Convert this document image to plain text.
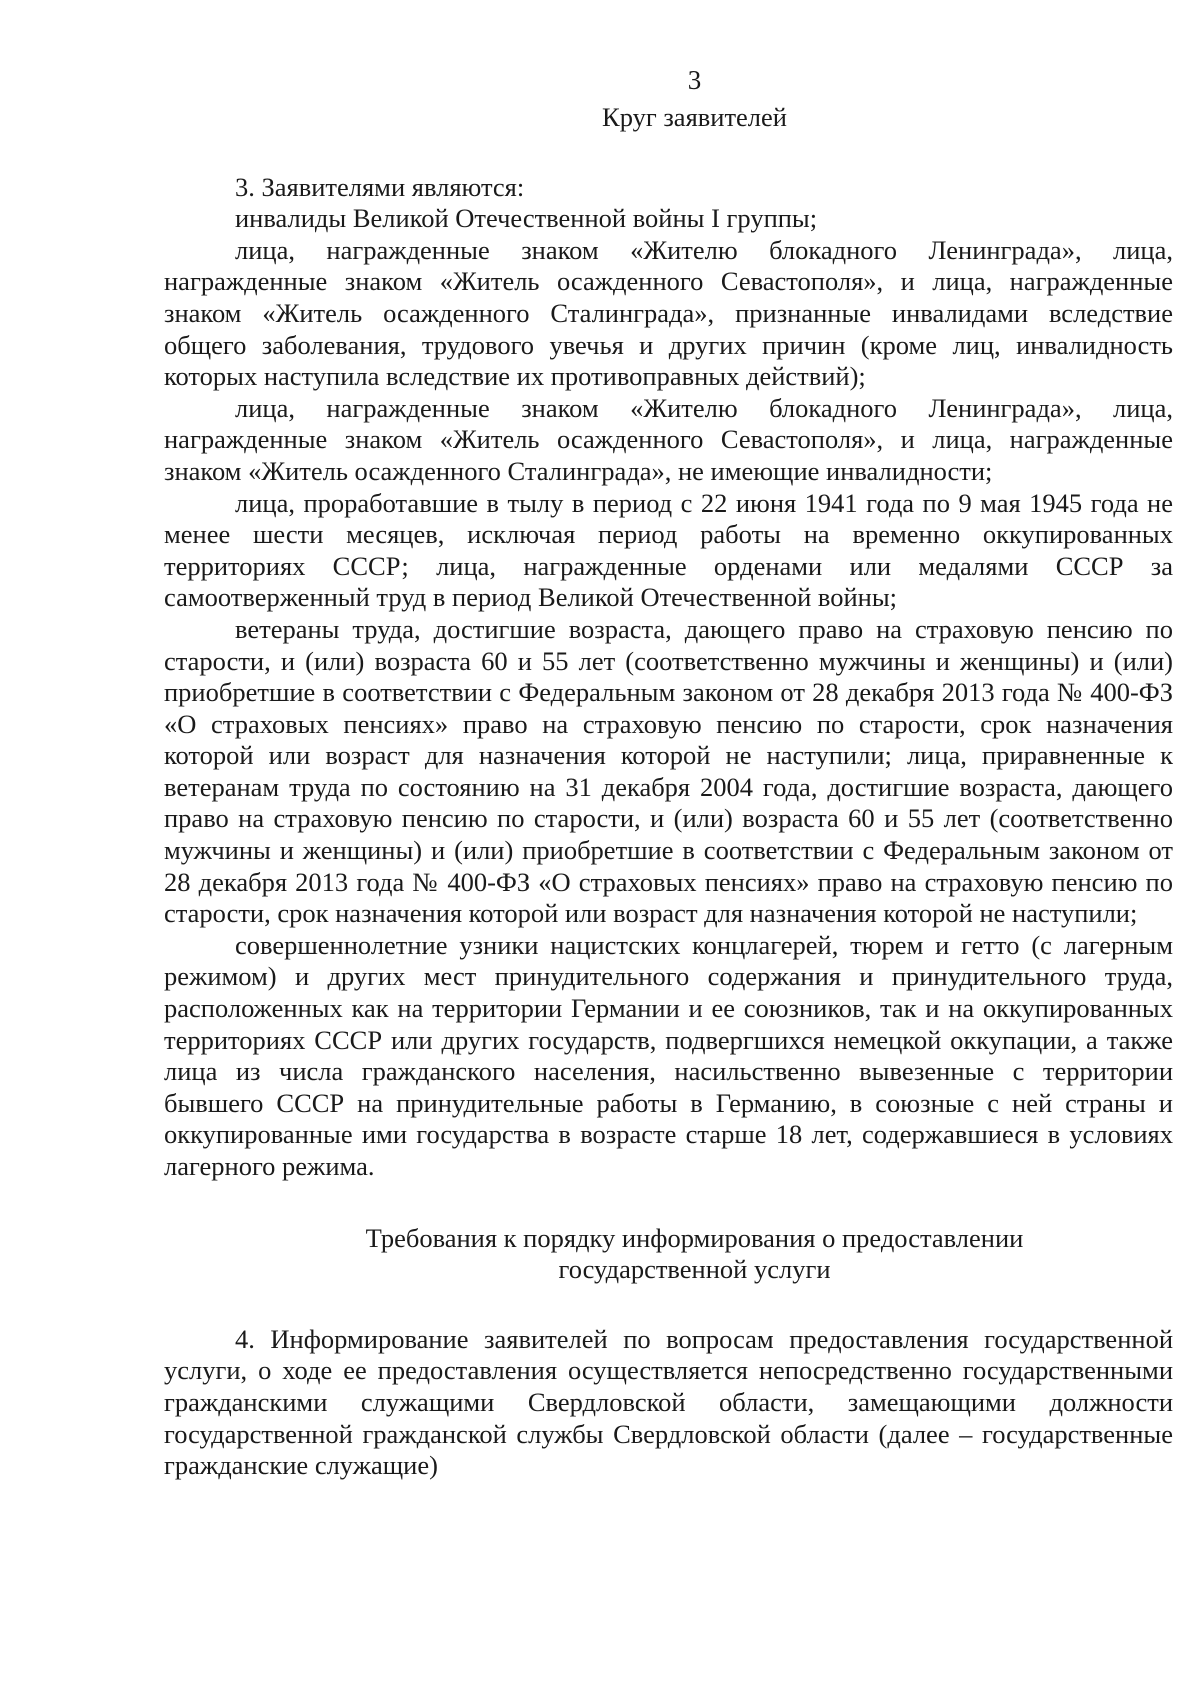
3
Круг заявителей

3. Заявителями являются:

инвалиды Великой Отечественной войны I группы;

лица, награжденные знаком «Жителю блокадного Ленинграда», лица, награжденные знаком «Житель осажденного Севастополя», и лица, награжденные знаком «Житель осажденного Сталинграда», признанные инвалидами вследствие общего заболевания, трудового увечья и других причин (кроме лиц, инвалидность которых наступила вследствие их противоправных действий);

лица, награжденные знаком «Жителю блокадного Ленинграда», лица, награжденные знаком «Житель осажденного Севастополя», и лица, награжденные знаком «Житель осажденного Сталинграда», не имеющие инвалидности;

лица, проработавшие в тылу в период с 22 июня 1941 года по 9 мая 1945 года не менее шести месяцев, исключая период работы на временно оккупированных территориях СССР; лица, награжденные орденами или медалями СССР за самоотверженный труд в период Великой Отечественной войны;

ветераны труда, достигшие возраста, дающего право на страховую пенсию по старости, и (или) возраста 60 и 55 лет (соответственно мужчины и женщины) и (или) приобретшие в соответствии с Федеральным законом от 28 декабря 2013 года № 400-ФЗ «О страховых пенсиях» право на страховую пенсию по старости, срок назначения которой или возраст для назначения которой не наступили; лица, приравненные к ветеранам труда по состоянию на 31 декабря 2004 года, достигшие возраста, дающего право на страховую пенсию по старости, и (или) возраста 60 и 55 лет (соответственно мужчины и женщины) и (или) приобретшие в соответствии с Федеральным законом от 28 декабря 2013 года № 400-ФЗ «О страховых пенсиях» право на страховую пенсию по старости, срок назначения которой или возраст для назначения которой не наступили;

совершеннолетние узники нацистских концлагерей, тюрем и гетто (с лагерным режимом) и других мест принудительного содержания и принудительного труда, расположенных как на территории Германии и ее союзников, так и на оккупированных территориях СССР или других государств, подвергшихся немецкой оккупации, а также лица из числа гражданского населения, насильственно вывезенные с территории бывшего СССР на принудительные работы в Германию, в союзные с ней страны и оккупированные ими государства в возрасте старше 18 лет, содержавшиеся в условиях лагерного режима.

Требования к порядку информирования о предоставлении
государственной услуги

4. Информирование заявителей по вопросам предоставления государственной услуги, о ходе ее предоставления осуществляется непосредственно государственными гражданскими служащими Свердловской области, замещающими должности государственной гражданской службы Свердловской области (далее – государственные гражданские служащие)
